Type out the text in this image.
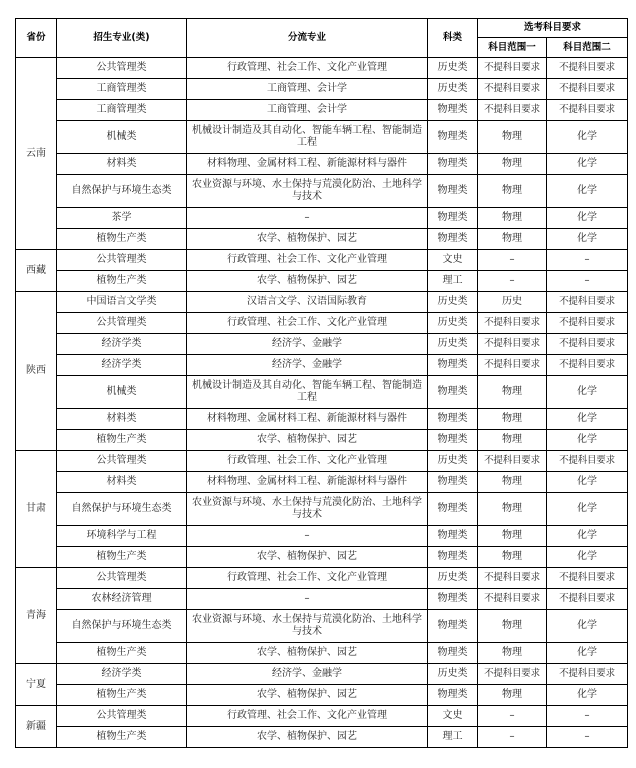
省份	招生专业(类)	分流专业	科类	选考科目要求	
				科目范围一	科目范围二
云南	公共管理类	行政管理、社会工作、文化产业管理	历史类	不提科目要求	不提科目要求
	工商管理类	工商管理、会计学	历史类	不提科目要求	不提科目要求
	工商管理类	工商管理、会计学	物理类	不提科目要求	不提科目要求
	机械类	机械设计制造及其自动化、智能车辆工程、智能制造工程	物理类	物理	化学
	材料类	材料物理、金属材料工程、新能源材料与器件	物理类	物理	化学
	自然保护与环境生态类	农业资源与环境、水土保持与荒漠化防治、土地科学与技术	物理类	物理	化学
	茶学	–	物理类	物理	化学
	植物生产类	农学、植物保护、园艺	物理类	物理	化学
西藏	公共管理类	行政管理、社会工作、文化产业管理	文史	–	–
	植物生产类	农学、植物保护、园艺	理工	–	–
陕西	中国语言文学类	汉语言文学、汉语国际教育	历史类	历史	不提科目要求
	公共管理类	行政管理、社会工作、文化产业管理	历史类	不提科目要求	不提科目要求
	经济学类	经济学、金融学	历史类	不提科目要求	不提科目要求
	经济学类	经济学、金融学	物理类	不提科目要求	不提科目要求
	机械类	机械设计制造及其自动化、智能车辆工程、智能制造工程	物理类	物理	化学
	材料类	材料物理、金属材料工程、新能源材料与器件	物理类	物理	化学
	植物生产类	农学、植物保护、园艺	物理类	物理	化学
甘肃	公共管理类	行政管理、社会工作、文化产业管理	历史类	不提科目要求	不提科目要求
	材料类	材料物理、金属材料工程、新能源材料与器件	物理类	物理	化学
	自然保护与环境生态类	农业资源与环境、水土保持与荒漠化防治、土地科学与技术	物理类	物理	化学
	环境科学与工程	–	物理类	物理	化学
	植物生产类	农学、植物保护、园艺	物理类	物理	化学
青海	公共管理类	行政管理、社会工作、文化产业管理	历史类	不提科目要求	不提科目要求
	农林经济管理	–	物理类	不提科目要求	不提科目要求
	自然保护与环境生态类	农业资源与环境、水土保持与荒漠化防治、土地科学与技术	物理类	物理	化学
	植物生产类	农学、植物保护、园艺	物理类	物理	化学
宁夏	经济学类	经济学、金融学	历史类	不提科目要求	不提科目要求
	植物生产类	农学、植物保护、园艺	物理类	物理	化学
新疆	公共管理类	行政管理、社会工作、文化产业管理	文史	–	–
	植物生产类	农学、植物保护、园艺	理工	–	–
